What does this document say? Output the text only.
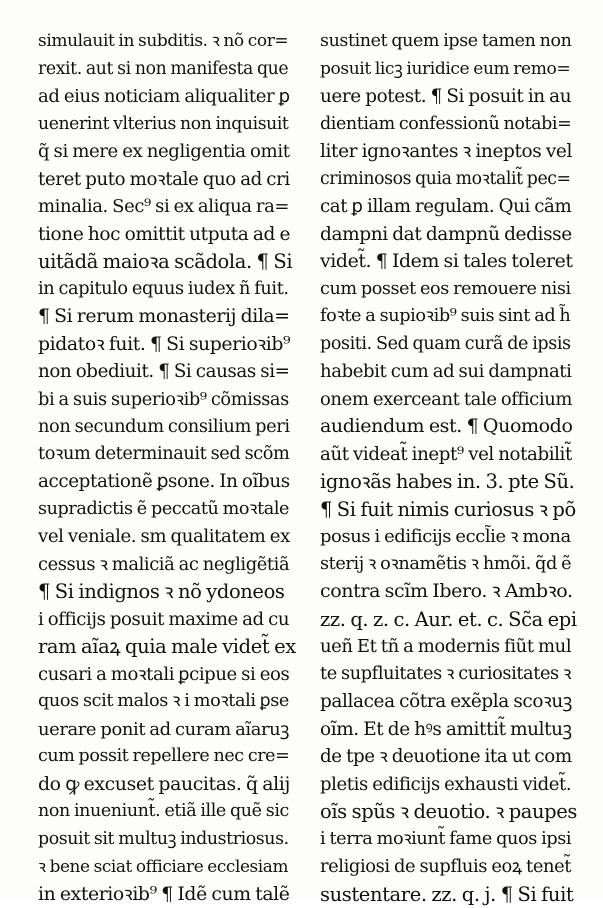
simulauit in subditis. ꝛ nõ cor=
rexit. aut si non manifesta que
ad eius noticiam aliqualiter ꝑ
uenerint vlterius non inquisuit
q̃ si mere ex negligentia omit
teret puto moꝛtale quo ad cri
minalia. Sec⁹ si ex aliqua ra=
tione hoc omittit utputa ad e
uitãdã maioꝛa scãdola. ¶ Si
in capitulo equus iudex ñ fuit.
¶ Si rerum monasterij dila=
pidatoꝛ fuit. ¶ Si superioꝛib⁹
non obediuit. ¶ Si causas si=
bi a suis superioꝛib⁹ cõmissas
non secundum consilium peri
toꝛum determinauit sed scõm
acceptationẽ ꝑsone. In oĩbus
supradictis ẽ peccatũ moꝛtale
vel veniale. sm qualitatem ex
cessus ꝛ maliciã ac negligẽtiã
¶ Si indignos ꝛ nõ ydoneos
i officijs posuit maxime ad cu
ram aĩaꝝ quia male videt̃ ex
cusari a moꝛtali ꝑcipue si eos
quos scit malos ꝛ i moꝛtali ꝑse
uerare ponit ad curam aĩaruꝫ
cum possit repellere nec cre=
do ꝙ excuset paucitas. q̃ alij
non inueniunt̃. etiã ille quẽ sic
posuit sit multuꝫ industriosus.
ꝛ bene sciat officiare ecclesiam
in exterioꝛib⁹ ¶ Idẽ cum talẽ
sustinet quem ipse tamen non
posuit licꝫ iuridice eum remo=
uere potest. ¶ Si posuit in au
dientiam confessionũ notabi=
liter ignoꝛantes ꝛ ineptos vel
criminosos quia moꝛtalit̃ pec=
cat ꝑ illam regulam. Qui cãm
dampni dat dampnũ dedisse
videt̃. ¶ Idem si tales toleret
cum posset eos remouere nisi
foꝛte a supioꝛib⁹ suis sint ad h̃
positi. Sed quam curã de ipsis
habebit cum ad sui dampnati
onem exerceant tale officium
audiendum est. ¶ Quomodo
aũt videat̃ inept⁹ vel notabilit̃
ignoꝛãs habes in. 3. pte Sũ.
¶ Si fuit nimis curiosus ꝛ põ
posus i edificijs eccl̃ie ꝛ mona
sterij ꝛ oꝛnamẽtis ꝛ hmõi. q̃d ẽ
contra scĩm Ibero. ꝛ Ambꝛo.
zz. q. z. c. Aur. et. c. Sc̃a epi
ueñ Et tñ a modernis fiũt mul
te supfluitates ꝛ curiositates ꝛ
pallacea cõtra exẽpla scoꝛuꝫ
oĩm. Et de hꝰs amittit̃ multuꝫ
de tpe ꝛ deuotione ita ut com
pletis edificijs exhausti videt̃.
oĩs spũs ꝛ deuotio. ꝛ paupes
i terra moꝛiunt̃ fame quos ipsi
religiosi de supfluis eoꝝ tenet̃
sustentare. zz. q. j. ¶ Si fuit
